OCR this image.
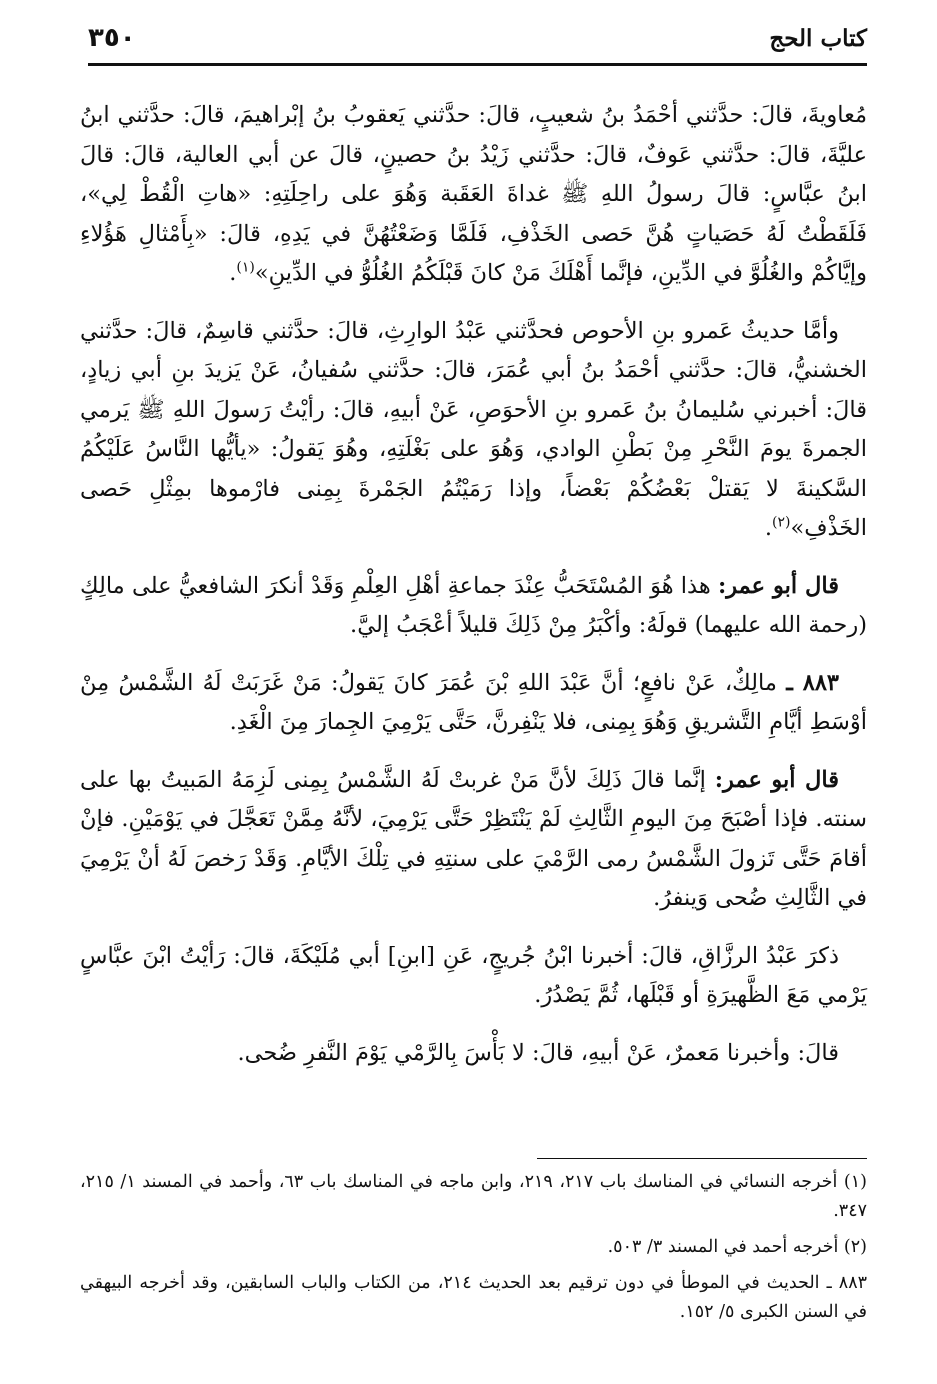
كتاب الحج
٣٥٠

مُعاويةَ، قالَ: حدَّثني أحْمَدُ بنُ شعيبٍ، قالَ: حدَّثني يَعقوبُ بنُ إبْراهيمَ، قالَ: حدَّثني ابنُ عليَّةَ، قالَ: حدَّثني عَوفٌ، قالَ: حدَّثني زَيْدُ بنُ حصينٍ، قالَ عن أبي العالية، قالَ: قالَ ابنُ عبَّاسٍ: قالَ رسولُ اللهِ ﷺ غداةَ العَقَبة وَهُوَ على راحِلَتِهِ: «هاتِ الْقُطْ لِي»، فَلَقَطْتُ لَهُ حَصَياتٍ هُنَّ حَصى الخَذْفِ، فَلَمَّا وَضَعْتُهُنَّ في يَدِهِ، قالَ: «بِأَمْثالِ هَؤُلاءِ وإيَّاكُمْ والغُلُوَّ في الدِّينِ، فإنَّما أَهْلَكَ مَنْ كانَ قَبْلَكُمُ الغُلُوُّ في الدِّينِ»$^{(١)}$.

وأمَّا حديثُ عَمرو بنِ الأحوص فحدَّثني عَبْدُ الوارِثِ، قالَ: حدَّثني قاسِمٌ، قالَ: حدَّثني الخشنيُّ، قالَ: حدَّثني أحْمَدُ بنُ أبي عُمَرَ، قالَ: حدَّثني سُفيانُ، عَنْ يَزيدَ بنِ أبي زيادٍ، قالَ: أخبرني سُليمانُ بنُ عَمرو بنِ الأحوَصِ، عَنْ أبيهِ، قالَ: رأيْتُ رَسولَ اللهِ ﷺ يَرمي الجمرةَ يومَ النَّحْرِ مِنْ بَطْنِ الوادي، وَهُوَ على بَغْلَتِهِ، وهُوَ يَقولُ: «يأيُّها النَّاسُ عَلَيْكُمُ السَّكينةَ لا يَقتلْ بَعْضُكُمْ بَعْضاً، وإذا رَمَيْتُمُ الجَمْرةَ بِمِنى فارْموها بمِثْلِ حَصى الخَذْفِ»$^{(٢)}$.

قال أبو عمر: هذا هُوَ المُسْتَحَبُّ عِنْدَ جماعةِ أهْلِ العِلْمِ وَقَدْ أنكرَ الشافعيُّ على مالِكٍ (رحمة الله عليهما) قولَهُ: وأكْبَرُ مِنْ ذَلِكَ قليلاً أعْجَبُ إليَّ.

٨٨٣ ـ مالِكٌ، عَنْ نافعٍ؛ أنَّ عَبْدَ اللهِ بْنَ عُمَرَ كانَ يَقولُ: مَنْ غَرَبَتْ لَهُ الشَّمْسُ مِنْ أوْسَطِ أيَّامِ التَّشريقِ وَهُوَ بِمِنى، فلا يَنْفِرنَّ، حَتَّى يَرْمِيَ الجِمارَ مِنَ الْغَدِ.

قال أبو عمر: إنَّما قالَ ذَلِكَ لأنَّ مَنْ غربتْ لَهُ الشَّمْسُ بِمِنى لَزِمَهُ المَبيتُ بها على سنته. فإذا أصْبَحَ مِنَ اليومِ الثَّالِثِ لَمْ يَنْتَظِرْ حَتَّى يَرْمِيَ، لأنَّهُ مِمَّنْ تَعَجَّلَ في يَوْمَيْنِ. فإنْ أقامَ حَتَّى تَزولَ الشَّمْسُ رمى الرَّمْيَ على سنتِهِ في تِلْكَ الأيَّامِ. وَقَدْ رَخصَ لَهُ أنْ يَرْمِيَ في الثَّالِثِ ضُحى وَينفرُ.

ذكرَ عَبْدُ الرزَّاقِ، قالَ: أخبرنا ابْنُ جُريجٍ، عَنِ [ابنِ] أبي مُلَيْكَةَ، قالَ: رَأيْتُ ابْنَ عبَّاسٍ يَرْمي مَعَ الظَّهيرَةِ أو قَبْلَها، ثُمَّ يَصْدُرُ.

قالَ: وأخبرنا مَعمرٌ، عَنْ أبيهِ، قالَ: لا بَأْسَ بِالرَّمْي يَوْمَ النَّفرِ ضُحى.

(١) أخرجه النسائي في المناسك باب ٢١٧، ٢١٩، وابن ماجه في المناسك باب ٦٣، وأحمد في المسند ١/ ٢١٥، ٣٤٧.

(٢) أخرجه أحمد في المسند ٣/ ٥٠٣.

٨٨٣ ـ الحديث في الموطأ في دون ترقيم بعد الحديث ٢١٤، من الكتاب والباب السابقين، وقد أخرجه البيهقي في السنن الكبرى ٥/ ١٥٢.
